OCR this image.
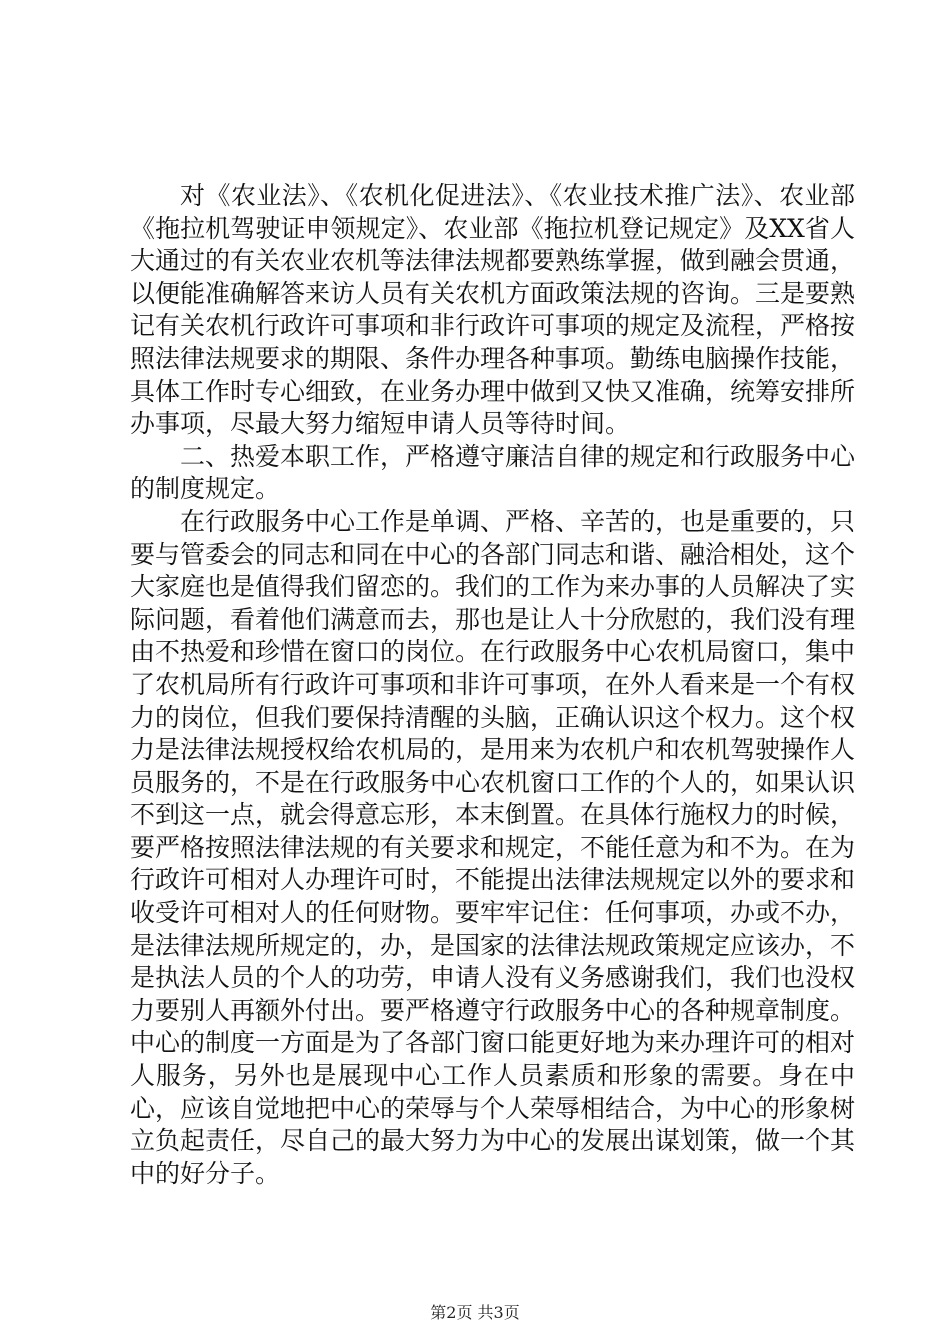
对《农业法》、《农机化促进法》、《农业技术推广法》、农业部《拖拉机驾驶证申领规定》、农业部《拖拉机登记规定》及XX省人大通过的有关农业农机等法律法规都要熟练掌握，做到融会贯通，以便能准确解答来访人员有关农机方面政策法规的咨询。三是要熟记有关农机行政许可事项和非行政许可事项的规定及流程，严格按照法律法规要求的期限、条件办理各种事项。勤练电脑操作技能，具体工作时专心细致，在业务办理中做到又快又准确，统筹安排所办事项，尽最大努力缩短申请人员等待时间。

二、热爱本职工作，严格遵守廉洁自律的规定和行政服务中心的制度规定。

在行政服务中心工作是单调、严格、辛苦的，也是重要的，只要与管委会的同志和同在中心的各部门同志和谐、融洽相处，这个大家庭也是值得我们留恋的。我们的工作为来办事的人员解决了实际问题，看着他们满意而去，那也是让人十分欣慰的，我们没有理由不热爱和珍惜在窗口的岗位。在行政服务中心农机局窗口，集中了农机局所有行政许可事项和非许可事项，在外人看来是一个有权力的岗位，但我们要保持清醒的头脑，正确认识这个权力。这个权力是法律法规授权给农机局的，是用来为农机户和农机驾驶操作人员服务的，不是在行政服务中心农机窗口工作的个人的，如果认识不到这一点，就会得意忘形，本末倒置。在具体行施权力的时候，要严格按照法律法规的有关要求和规定，不能任意为和不为。在为行政许可相对人办理许可时，不能提出法律法规规定以外的要求和收受许可相对人的任何财物。要牢牢记住：任何事项，办或不办，是法律法规所规定的，办，是国家的法律法规政策规定应该办，不是执法人员的个人的功劳，申请人没有义务感谢我们，我们也没权力要别人再额外付出。要严格遵守行政服务中心的各种规章制度。中心的制度一方面是为了各部门窗口能更好地为来办理许可的相对人服务，另外也是展现中心工作人员素质和形象的需要。身在中心，应该自觉地把中心的荣辱与个人荣辱相结合，为中心的形象树立负起责任，尽自己的最大努力为中心的发展出谋划策，做一个其中的好分子。

第2页 共3页
